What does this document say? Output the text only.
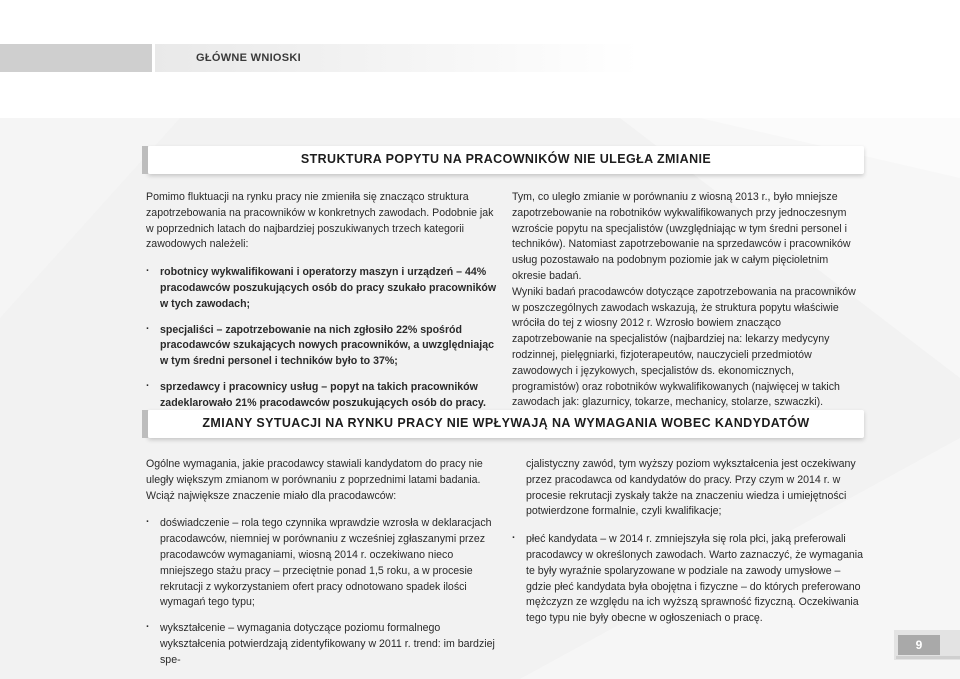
GŁÓWNE WNIOSKI
STRUKTURA POPYTU NA PRACOWNIKÓW NIE ULEGŁA ZMIANIE

Pomimo fluktuacji na rynku pracy nie zmieniła się znacząco struktura zapotrzebowania na pracowników w konkretnych zawodach. Podobnie jak w poprzednich latach do najbardziej poszukiwanych trzech kategorii zawodowych należeli:

· robotnicy wykwalifikowani i operatorzy maszyn i urządzeń – 44% pracodawców poszukujących osób do pracy szukało pracowników w tych zawodach;
· specjaliści – zapotrzebowanie na nich zgłosiło 22% spośród pracodawców szukających nowych pracowników, a uwzględniając w tym średni personel i techników było to 37%;
· sprzedawcy i pracownicy usług – popyt na takich pracowników zadeklarowało 21% pracodawców poszukujących osób do pracy.

Tym, co uległo zmianie w porównaniu z wiosną 2013 r., było mniejsze zapotrzebowanie na robotników wykwalifikowanych przy jednoczesnym wzroście popytu na specjalistów (uwzględniając w tym średni personel i techników). Natomiast zapotrzebowanie na sprzedawców i pracowników usług pozostawało na podobnym poziomie jak w całym pięcioletnim okresie badań.

Wyniki badań pracodawców dotyczące zapotrzebowania na pracowników w poszczególnych zawodach wskazują, że struktura popytu właściwie wróciła do tej z wiosny 2012 r. Wzrosło bowiem znacząco zapotrzebowanie na specjalistów (najbardziej na: lekarzy medycyny rodzinnej, pielęgniarki, fizjoterapeutów, nauczycieli przedmiotów zawodowych i językowych, specjalistów ds. ekonomicznych, programistów) oraz robotników wykwalifikowanych (najwięcej w takich zawodach jak: glazurnicy, tokarze, mechanicy, stolarze, szwaczki).

ZMIANY SYTUACJI NA RYNKU PRACY NIE WPŁYWAJĄ NA WYMAGANIA WOBEC KANDYDATÓW

Ogólne wymagania, jakie pracodawcy stawiali kandydatom do pracy nie uległy większym zmianom w porównaniu z poprzednimi latami badania. Wciąż największe znaczenie miało dla pracodawców:

· doświadczenie – rola tego czynnika wprawdzie wzrosła w deklaracjach pracodawców, niemniej w porównaniu z wcześniej zgłaszanymi przez pracodawców wymaganiami, wiosną 2014 r. oczekiwano nieco mniejszego stażu pracy – przeciętnie ponad 1,5 roku, a w procesie rekrutacji z wykorzystaniem ofert pracy odnotowano spadek ilości wymagań tego typu;
· wykształcenie – wymagania dotyczące poziomu formalnego wykształcenia potwierdzają zidentyfikowany w 2011 r. trend: im bardziej spe-

cjalistyczny zawód, tym wyższy poziom wykształcenia jest oczekiwany przez pracodawca od kandydatów do pracy. Przy czym w 2014 r. w procesie rekrutacji zyskały także na znaczeniu wiedza i umiejętności potwierdzone formalnie, czyli kwalifikacje;

· płeć kandydata – w 2014 r. zmniejszyła się rola płci, jaką preferowali pracodawcy w określonych zawodach. Warto zaznaczyć, że wymagania te były wyraźnie spolaryzowane w podziale na zawody umysłowe – gdzie płeć kandydata była obojętna i fizyczne – do których preferowano mężczyzn ze względu na ich wyższą sprawność fizyczną. Oczekiwania tego typu nie były obecne w ogłoszeniach o pracę.
9
